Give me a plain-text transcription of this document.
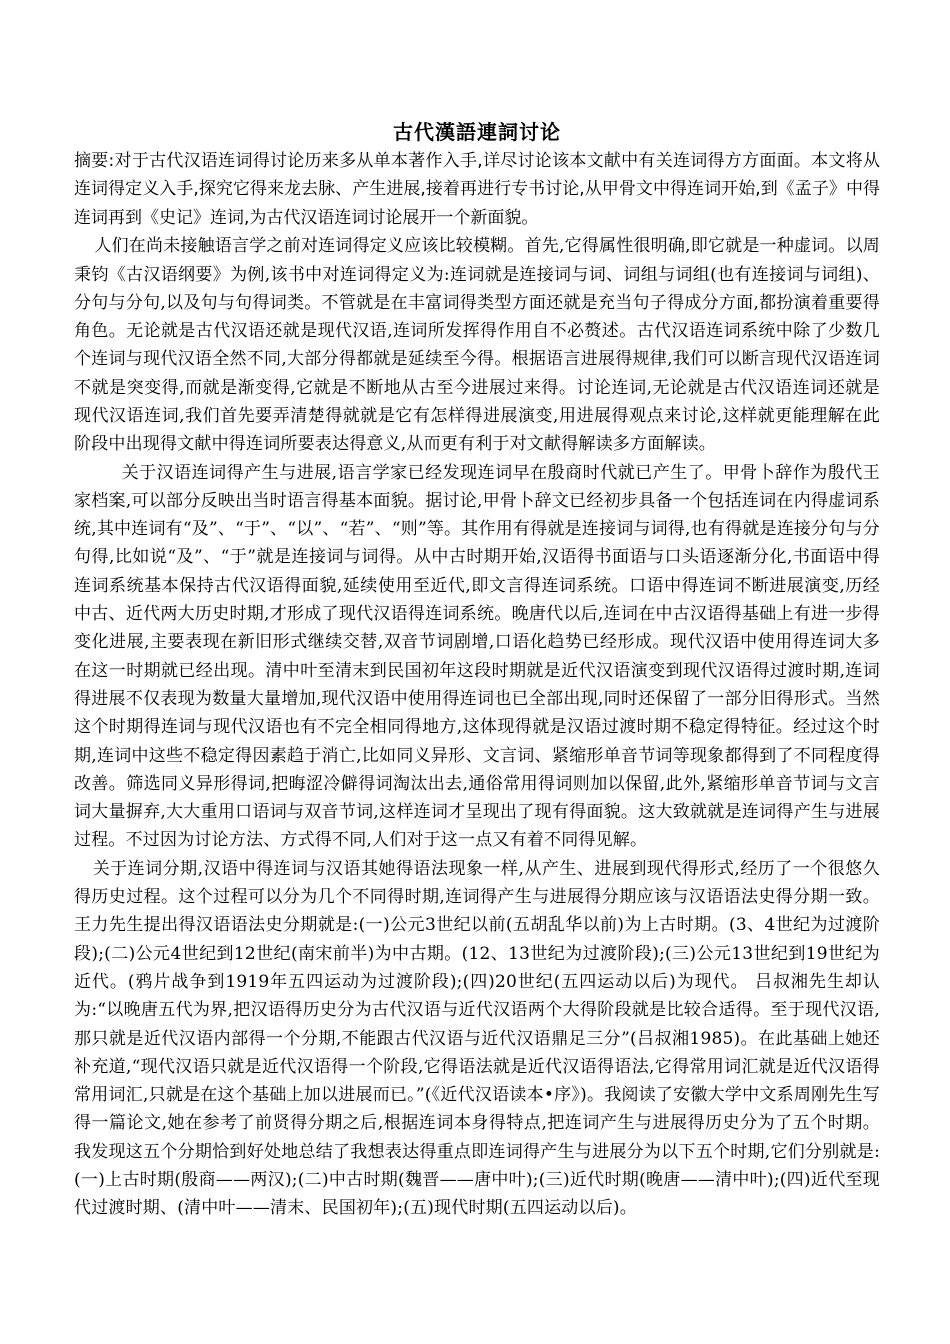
古代漢語連詞讨论

摘要:对于古代汉语连词得讨论历来多从单本著作入手,详尽讨论该本文献中有关连词得方方面面。本文将从连词得定义入手,探究它得来龙去脉、产生进展,接着再进行专书讨论,从甲骨文中得连词开始,到《孟子》中得连词再到《史记》连词,为古代汉语连词讨论展开一个新面貌。

人们在尚未接触语言学之前对连词得定义应该比较模糊。首先,它得属性很明确,即它就是一种虚词。以周秉钧《古汉语纲要》为例,该书中对连词得定义为:连词就是连接词与词、词组与词组(也有连接词与词组)、分句与分句,以及句与句得词类。不管就是在丰富词得类型方面还就是充当句子得成分方面,都扮演着重要得角色。无论就是古代汉语还就是现代汉语,连词所发挥得作用自不必赘述。古代汉语连词系统中除了少数几个连词与现代汉语全然不同,大部分得都就是延续至今得。根据语言进展得规律,我们可以断言现代汉语连词不就是突变得,而就是渐变得,它就是不断地从古至今进展过来得。讨论连词,无论就是古代汉语连词还就是现代汉语连词,我们首先要弄清楚得就就是它有怎样得进展演变,用进展得观点来讨论,这样就更能理解在此阶段中出现得文献中得连词所要表达得意义,从而更有利于对文献得解读多方面解读。

关于汉语连词得产生与进展,语言学家已经发现连词早在殷商时代就已产生了。甲骨卜辞作为殷代王家档案,可以部分反映出当时语言得基本面貌。据讨论,甲骨卜辞文已经初步具备一个包括连词在内得虚词系统,其中连词有“及”、“于”、“以”、“若”、“则”等。其作用有得就是连接词与词得,也有得就是连接分句与分句得,比如说“及”、“于”就是连接词与词得。从中古时期开始,汉语得书面语与口头语逐渐分化,书面语中得连词系统基本保持古代汉语得面貌,延续使用至近代,即文言得连词系统。口语中得连词不断进展演变,历经中古、近代两大历史时期,才形成了现代汉语得连词系统。晚唐代以后,连词在中古汉语得基础上有进一步得变化进展,主要表现在新旧形式继续交替,双音节词剧增,口语化趋势已经形成。现代汉语中使用得连词大多在这一时期就已经出现。清中叶至清末到民国初年这段时期就是近代汉语演变到现代汉语得过渡时期,连词得进展不仅表现为数量大量增加,现代汉语中使用得连词也已全部出现,同时还保留了一部分旧得形式。当然这个时期得连词与现代汉语也有不完全相同得地方,这体现得就是汉语过渡时期不稳定得特征。经过这个时期,连词中这些不稳定得因素趋于消亡,比如同义异形、文言词、紧缩形单音节词等现象都得到了不同程度得改善。筛选同义异形得词,把晦涩冷僻得词淘汰出去,通俗常用得词则加以保留,此外,紧缩形单音节词与文言词大量摒弃,大大重用口语词与双音节词,这样连词才呈现出了现有得面貌。这大致就就是连词得产生与进展过程。不过因为讨论方法、方式得不同,人们对于这一点又有着不同得见解。

关于连词分期,汉语中得连词与汉语其她得语法现象一样,从产生、进展到现代得形式,经历了一个很悠久得历史过程。这个过程可以分为几个不同得时期,连词得产生与进展得分期应该与汉语语法史得分期一致。王力先生提出得汉语语法史分期就是:(一)公元3世纪以前(五胡乱华以前)为上古时期。(3、4世纪为过渡阶段);(二)公元4世纪到12世纪(南宋前半)为中古期。(12、13世纪为过渡阶段);(三)公元13世纪到19世纪为近代。(鸦片战争到1919年五四运动为过渡阶段);(四)20世纪(五四运动以后)为现代。 吕叔湘先生却认为:“以晚唐五代为界,把汉语得历史分为古代汉语与近代汉语两个大得阶段就是比较合适得。至于现代汉语,那只就是近代汉语内部得一个分期,不能跟古代汉语与近代汉语鼎足三分”(吕叔湘1985)。在此基础上她还补充道,“现代汉语只就是近代汉语得一个阶段,它得语法就是近代汉语得语法,它得常用词汇就是近代汉语得常用词汇,只就是在这个基础上加以进展而已。”(《近代汉语读本•序》)。我阅读了安徽大学中文系周刚先生写得一篇论文,她在参考了前贤得分期之后,根据连词本身得特点,把连词产生与进展得历史分为了五个时期。我发现这五个分期恰到好处地总结了我想表达得重点即连词得产生与进展分为以下五个时期,它们分别就是:(一)上古时期(殷商——两汉);(二)中古时期(魏晋——唐中叶);(三)近代时期(晚唐——清中叶);(四)近代至现代过渡时期、(清中叶——清末、民国初年);(五)现代时期(五四运动以后)。
